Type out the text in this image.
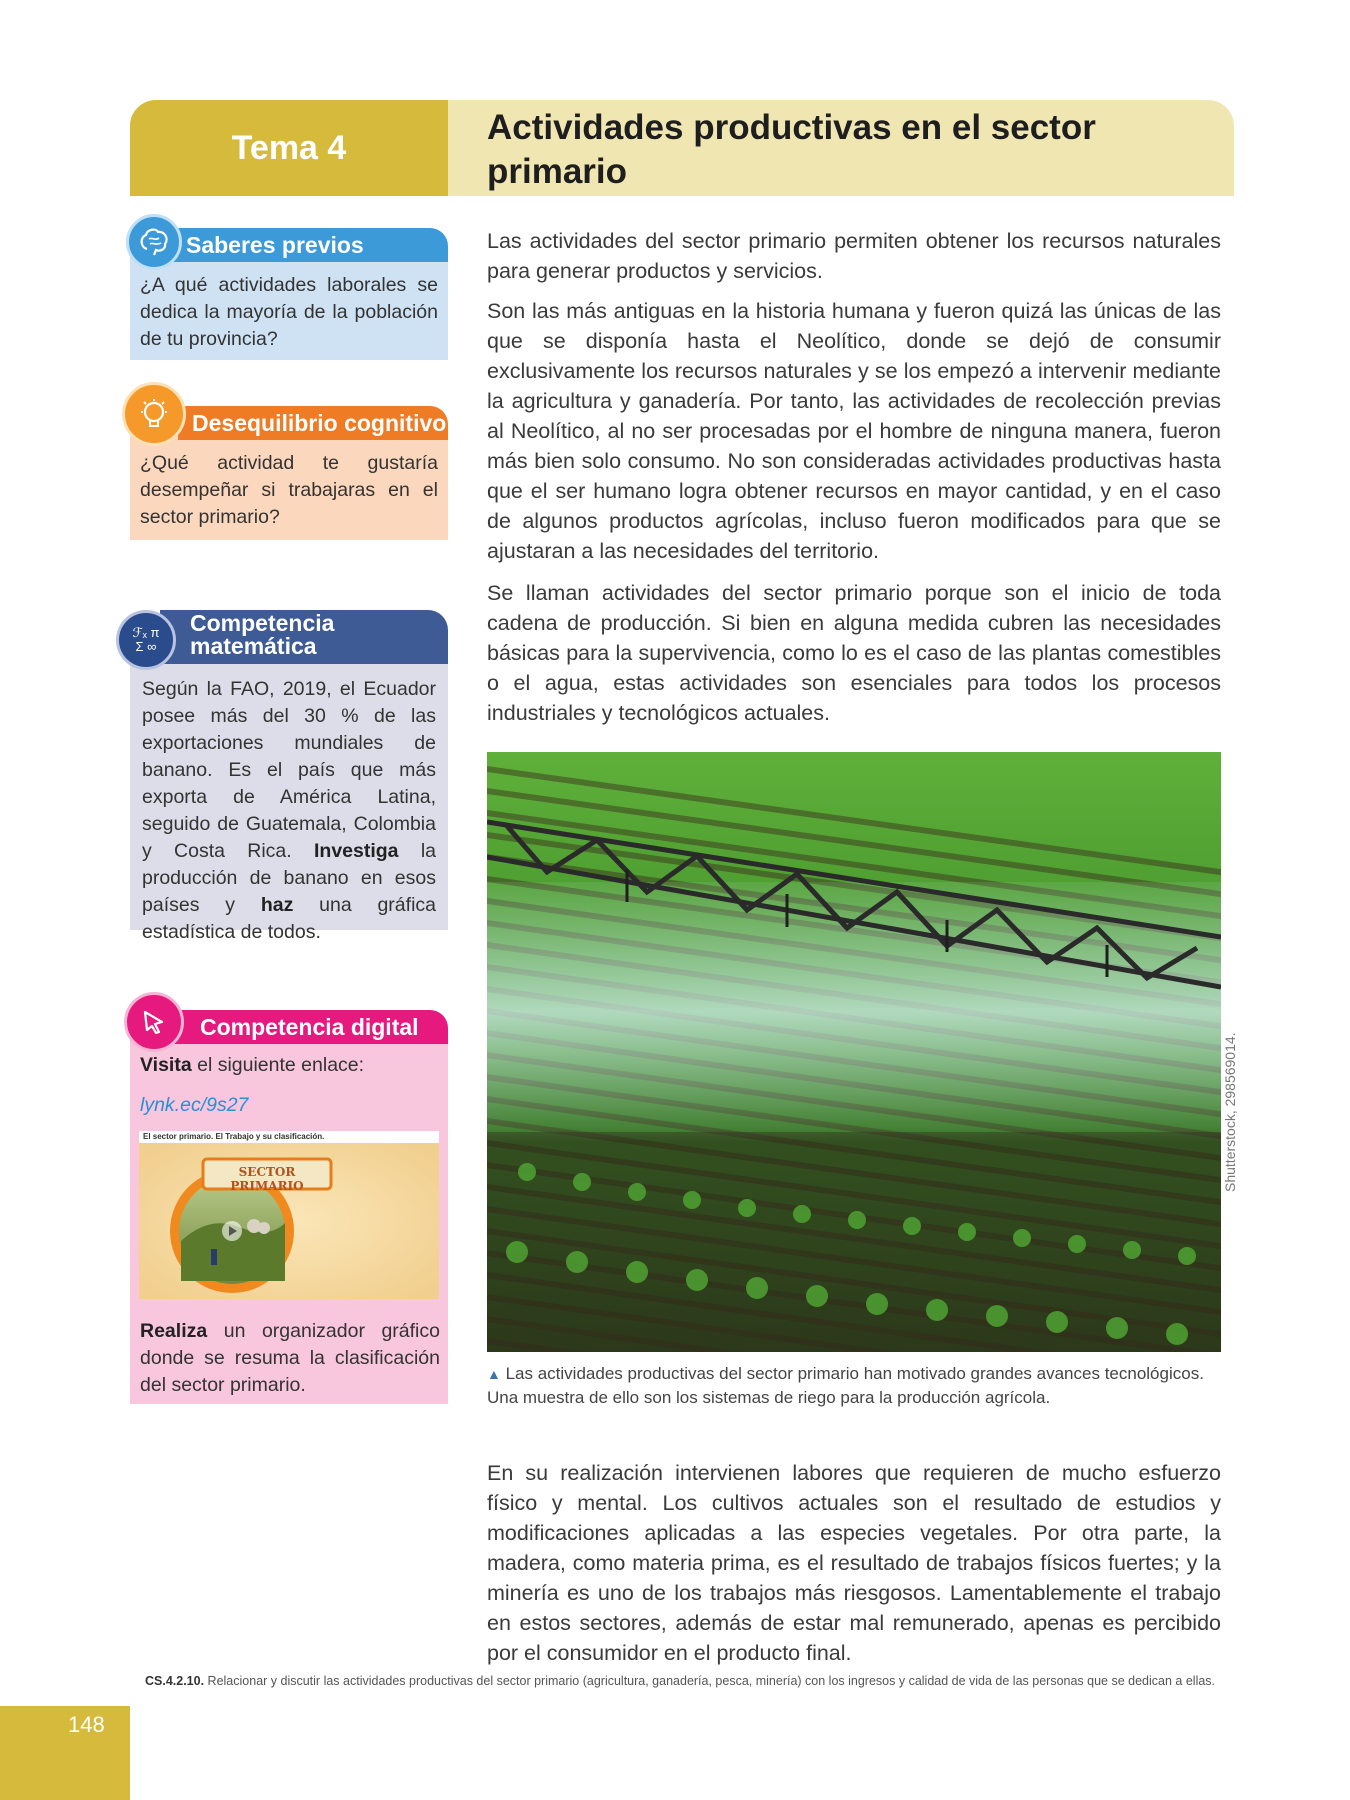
Tema 4
Actividades productivas en el sector primario
Saberes previos
¿A qué actividades laborales se dedica la mayoría de la población de tu provincia?
Desequilibrio cognitivo
¿Qué actividad te gustaría desempeñar si trabajaras en el sector primario?
Competencia
matemática
ℱₓ π Σ ∞
Según la FAO, 2019, el Ecuador posee más del 30 % de las exportaciones mundiales de banano. Es el país que más exporta de América Latina, seguido de Guatemala, Colombia y Costa Rica. Investiga la producción de banano en esos países y haz una gráfica estadística de todos.
Competencia digital
Visita el siguiente enlace:
lynk.ec/9s27
Realiza un organizador gráfico donde se resuma la clasificación del sector primario.
El sector primario. El Trabajo y su clasificación.
SECTOR PRIMARIO
Las actividades del sector primario permiten obtener los recursos naturales para generar productos y servicios.
Son las más antiguas en la historia humana y fueron quizá las únicas de las que se disponía hasta el Neolítico, donde se dejó de consumir exclusivamente los recursos naturales y se los empezó a intervenir mediante la agricultura y ganadería. Por tanto, las actividades de recolección previas al Neolítico, al no ser procesadas por el hombre de ninguna manera, fueron más bien solo consumo. No son consideradas actividades productivas hasta que el ser humano logra obtener recursos en mayor cantidad, y en el caso de algunos productos agrícolas, incluso fueron modificados para que se ajustaran a las necesidades del territorio.
Se llaman actividades del sector primario porque son el inicio de toda cadena de producción. Si bien en alguna medida cubren las necesidades básicas para la supervivencia, como lo es el caso de las plantas comestibles o el agua, estas actividades son esenciales para todos los procesos industriales y tecnológicos actuales.
Shutterstock, 298569014.
▲ Las actividades productivas del sector primario han motivado grandes avances tecnológicos. Una muestra de ello son los sistemas de riego para la producción agrícola.
En su realización intervienen labores que requieren de mucho esfuerzo físico y mental. Los cultivos actuales son el resultado de estudios y modificaciones aplicadas a las especies vegetales. Por otra parte, la madera, como materia prima, es el resultado de trabajos físicos fuertes; y la minería es uno de los trabajos más riesgosos. Lamentablemente el trabajo en estos sectores, además de estar mal remunerado, apenas es percibido por el consumidor en el producto final.
CS.4.2.10. Relacionar y discutir las actividades productivas del sector primario (agricultura, ganadería, pesca, minería) con los ingresos y calidad de vida de las personas que se dedican a ellas.
148
